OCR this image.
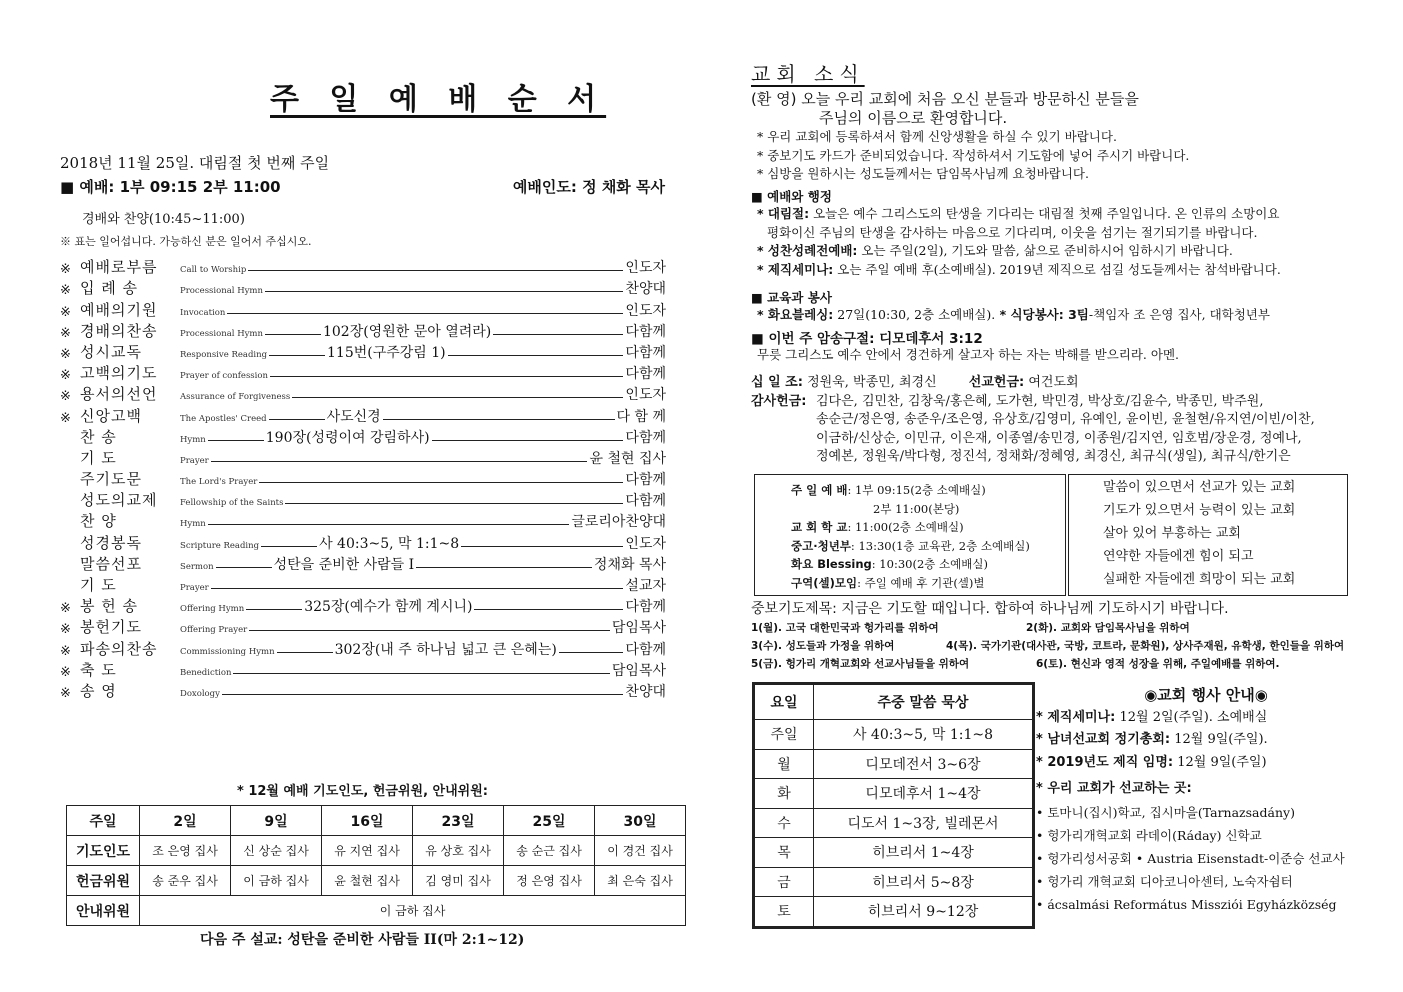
주 일 예 배 순 서
2018년 11월 25일. 대림절 첫 번째 주일
■ 예배: 1부 09:15 2부 11:00	예배인도: 정 채화 목사
경배와 찬양(10:45~11:00)
※ 표는 일어섭니다. 가능하신 분은 일어서 주십시오.
※ 예배로부름	Call to Worship	인도자
※ 입 례 송	Processional Hymn	찬양대
※ 예배의기원	Invocation	인도자
※ 경배의찬송	Processional Hymn	102장(영원한 문아 열려라)	다함께
※ 성시교독	Responsive Reading	115번(구주강림 1)	다함께
※ 고백의기도	Prayer of confession	다함께
※ 용서의선언	Assurance of Forgiveness	인도자
※ 신앙고백	The Apostles' Creed	사도신경	다 함 께
찬 송	Hymn	190장(성령이여 강림하사)	다함께
기 도	Prayer	윤 철현 집사
주기도문	The Lord's Prayer	다함께
성도의교제	Fellowship of the Saints	다함께
찬 양	Hymn	글로리아찬양대
성경봉독	Scripture Reading	사 40:3~5, 막 1:1~8	인도자
말씀선포	Sermon	성탄을 준비한 사람들 I	정채화 목사
기 도	Prayer	설교자
※ 봉 헌 송	Offering Hymn	325장(예수가 함께 계시니)	다함께
※ 봉헌기도	Offering Prayer	담임목사
※ 파송의찬송	Commissioning Hymn	302장(내 주 하나님 넓고 큰 은혜는)	다함께
※ 축 도	Benediction	담임목사
※ 송 영	Doxology	찬양대
* 12월 예배 기도인도, 헌금위원, 안내위원:
주일	2일	9일	16일	23일	25일	30일
기도인도	조 은영 집사	신 상순 집사	유 지연 집사	유 상호 집사	송 순근 집사	이 경건 집사
헌금위원	송 준우 집사	이 금하 집사	윤 철현 집사	김 영미 집사	정 은영 집사	최 은숙 집사
안내위원	이 금하 집사					
다음 주 설교: 성탄을 준비한 사람들 II(마 2:1~12)
교회 소식
(환 영) 오늘 우리 교회에 처음 오신 분들과 방문하신 분들을
주님의 이름으로 환영합니다.
* 우리 교회에 등록하셔서 함께 신앙생활을 하실 수 있기 바랍니다.
* 중보기도 카드가 준비되었습니다. 작성하셔서 기도함에 넣어 주시기 바랍니다.
* 심방을 원하시는 성도들께서는 담임목사님께 요청바랍니다.
■ 예배와 행정
* 대림절: 오늘은 예수 그리스도의 탄생을 기다리는 대림절 첫째 주일입니다. 온 인류의 소망이요
평화이신 주님의 탄생을 감사하는 마음으로 기다리며, 이웃을 섬기는 절기되기를 바랍니다.
* 성찬성례전예배: 오는 주일(2일), 기도와 말씀, 삶으로 준비하시어 임하시기 바랍니다.
* 제직세미나: 오는 주일 예배 후(소예배실). 2019년 제직으로 섬길 성도들께서는 참석바랍니다.
■ 교육과 봉사
* 화요블레싱: 27일(10:30, 2층 소예배실). * 식당봉사: 3팀-책임자 조 은영 집사, 대학청년부
■ 이번 주 암송구절: 디모데후서 3:12
무릇 그리스도 예수 안에서 경건하게 살고자 하는 자는 박해를 받으리라. 아멘.
십 일 조: 정원욱, 박종민, 최경신 선교헌금: 여건도회
감사헌금: 김다은, 김민찬, 김창욱/홍은혜, 도가현, 박민경, 박상호/김윤수, 박종민, 박주원,
송순근/정은영, 송준우/조은영, 유상호/김영미, 유예인, 윤이빈, 윤철현/유지연/이빈/이찬,
이금하/신상순, 이민규, 이은재, 이종열/송민경, 이종원/김지연, 임호범/장운경, 정예나,
정예본, 정원욱/박다형, 정진석, 정채화/정혜영, 최경신, 최규식(생일), 최규식/한기은
주 일 예 배: 1부 09:15(2층 소예배실)
2부 11:00(본당)
교 회 학 교: 11:00(2층 소예배실)
중고·청년부: 13:30(1층 교육관, 2층 소예배실)
화요 Blessing: 10:30(2층 소예배실)
구역(셀)모임: 주일 예배 후 기관(셀)별
말씀이 있으면서 선교가 있는 교회
기도가 있으면서 능력이 있는 교회
살아 있어 부흥하는 교회
연약한 자들에겐 힘이 되고
실패한 자들에겐 희망이 되는 교회
중보기도제목: 지금은 기도할 때입니다. 합하여 하나님께 기도하시기 바랍니다.
1(월). 고국 대한민국과 헝가리를 위하여	2(화). 교회와 담임목사님을 위하여
3(수). 성도들과 가정을 위하여	4(목). 국가기관(대사관, 국방, 코트라, 문화원), 상사주재원, 유학생, 한인들을 위하여
5(금). 헝가리 개혁교회와 선교사님들을 위하여	6(토). 현신과 영적 성장을 위해, 주일예배를 위하여.
요일	주중 말씀 묵상
주일	사 40:3~5, 막 1:1~8
월	디모데전서 3~6장
화	디모데후서 1~4장
수	디도서 1~3장, 빌레몬서
목	히브리서 1~4장
금	히브리서 5~8장
토	히브리서 9~12장
◉교회 행사 안내◉
* 제직세미나: 12월 2일(주일). 소예배실
* 남녀선교회 정기총회: 12월 9일(주일).
* 2019년도 제직 임명: 12월 9일(주일)
* 우리 교회가 선교하는 곳:
• 토마니(집시)학교, 집시마을(Tarnazsadány)
• 헝가리개혁교회 라데이(Ráday) 신학교
• 헝가리성서공회 • Austria Eisenstadt-이준승 선교사
• 헝가리 개혁교회 디아코니아센터, 노숙자쉼터
• ácsalmási Református Missziói Egyházközség
